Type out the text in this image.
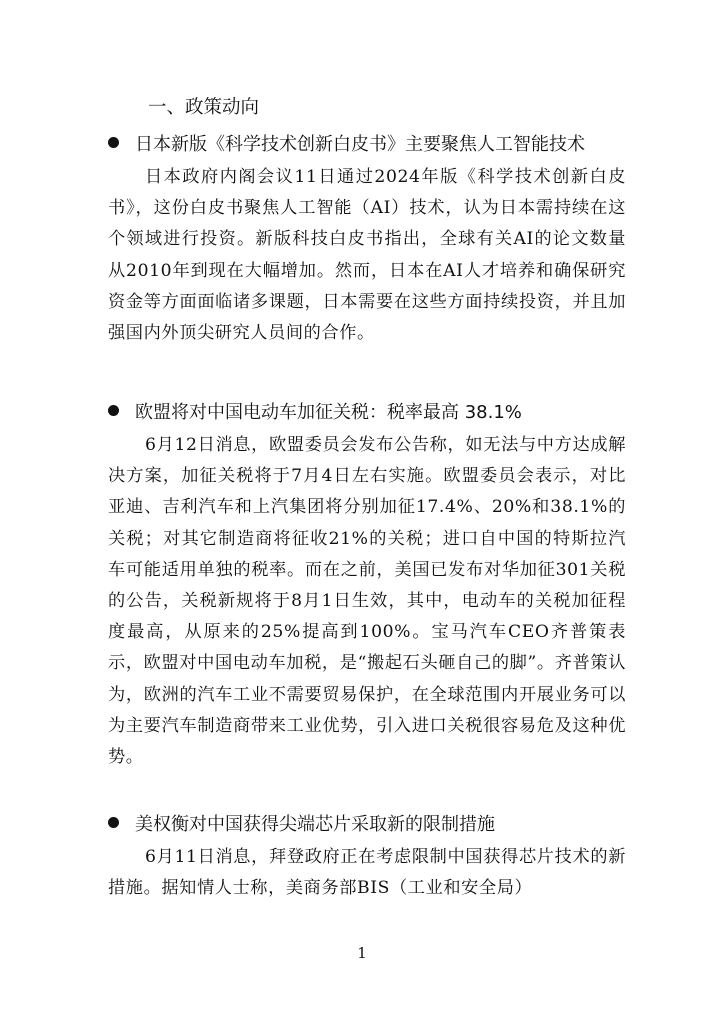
一、政策动向
日本新版《科学技术创新白皮书》主要聚焦人工智能技术

日本政府内阁会议11日通过2024年版《科学技术创新白皮书》，这份白皮书聚焦人工智能（AI）技术，认为日本需持续在这个领域进行投资。新版科技白皮书指出，全球有关AI的论文数量从2010年到现在大幅增加。然而，日本在AI人才培养和确保研究资金等方面面临诸多课题，日本需要在这些方面持续投资，并且加强国内外顶尖研究人员间的合作。

欧盟将对中国电动车加征关税：税率最高 38.1%

6月12日消息，欧盟委员会发布公告称，如无法与中方达成解决方案，加征关税将于7月4日左右实施。欧盟委员会表示，对比亚迪、吉利汽车和上汽集团将分别加征17.4%、20%和38.1%的关税；对其它制造商将征收21%的关税；进口自中国的特斯拉汽车可能适用单独的税率。而在之前，美国已发布对华加征301关税的公告，关税新规将于8月1日生效，其中，电动车的关税加征程度最高，从原来的25%提高到100%。宝马汽车CEO齐普策表示，欧盟对中国电动车加税，是“搬起石头砸自己的脚”。齐普策认为，欧洲的汽车工业不需要贸易保护，在全球范围内开展业务可以为主要汽车制造商带来工业优势，引入进口关税很容易危及这种优势。

美权衡对中国获得尖端芯片采取新的限制措施

6月11日消息，拜登政府正在考虑限制中国获得芯片技术的新措施。据知情人士称，美商务部BIS（工业和安全局）

1
